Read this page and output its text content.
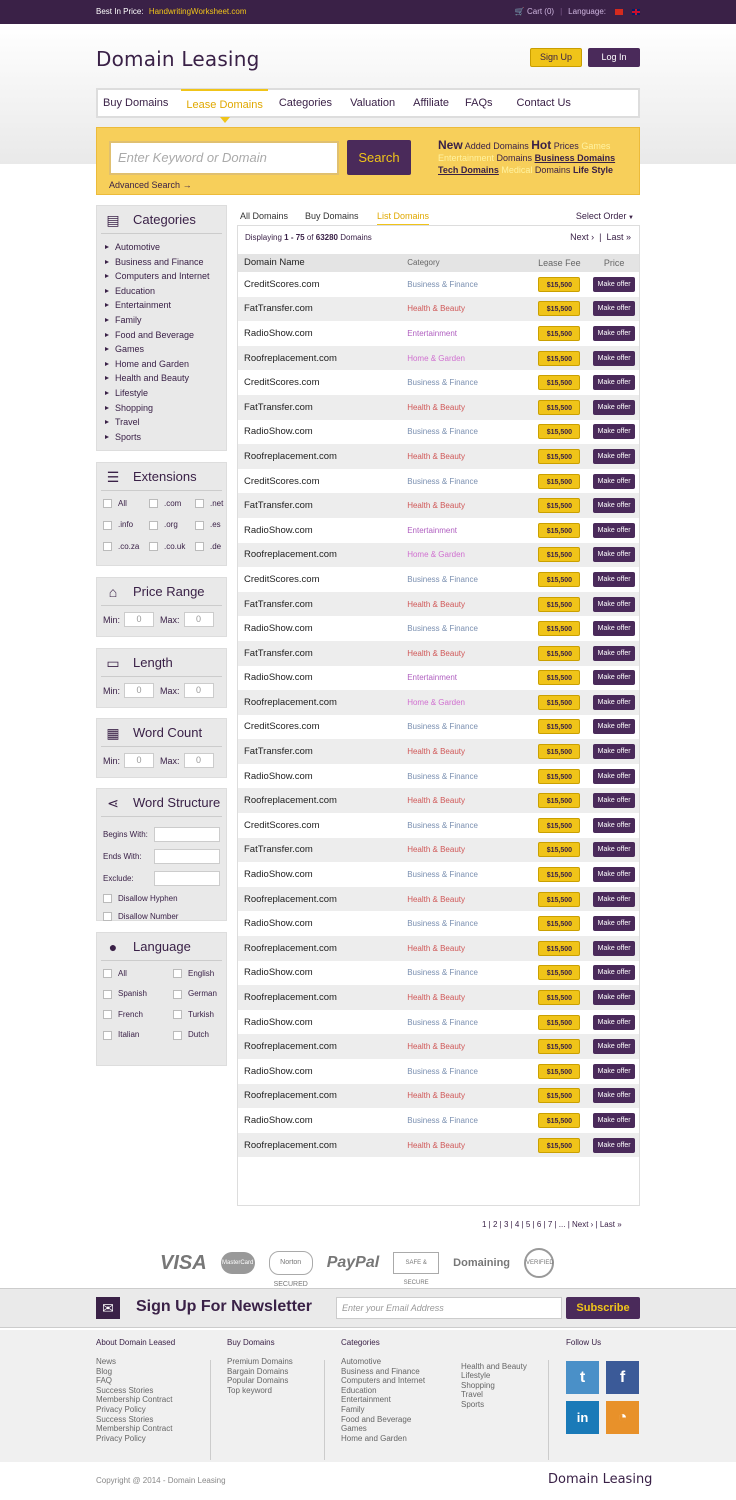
Best In Price: HandwritingWorksheet.com	🛒 Cart (0) | Language:
Domain Leasing	Sign Up	Log In
Buy Domains	Lease Domains	Categories	Valuation	Affiliate	FAQs	Contact Us
Enter Keyword or Domain	Search
Advanced Search →
New Added Domains Hot Prices Games
Entertainment Domains Business Domains
Tech Domains Medical Domains Life Style
▤ Categories
Automotive
Business and Finance
Computers and Internet
Education
Entertainment
Family
Food and Beverage
Games
Home and Garden
Health and Beauty
Lifestyle
Shopping
Travel
Sports
☰ Extensions
All	.com	.net
.info	.org	.es
.co.za	.co.uk	.de
⌂ Price Range
Min:	0	Max:	0
▭ Length
Min:	0	Max:	0
▦ Word Count
Min:	0	Max:	0
⋖ Word Structure
Begins With:
Ends With:
Exclude:
Disallow Hyphen
Disallow Number
● Language
All	English
Spanish	German
French	Turkish
Italian	Dutch
All Domains Buy Domains List Domains	Select Order ▼
Displaying 1 - 75 of 63280 Domains	Next ›  |  Last »
Domain Name	Category	Lease Fee	Price
CreditScores.com	Business & Finance	$15,500	Make offer
FatTransfer.com	Health & Beauty	$15,500	Make offer
RadioShow.com	Entertainment	$15,500	Make offer
Roofreplacement.com	Home & Garden	$15,500	Make offer
CreditScores.com	Business & Finance	$15,500	Make offer
FatTransfer.com	Health & Beauty	$15,500	Make offer
RadioShow.com	Business & Finance	$15,500	Make offer
Roofreplacement.com	Health & Beauty	$15,500	Make offer
CreditScores.com	Business & Finance	$15,500	Make offer
FatTransfer.com	Health & Beauty	$15,500	Make offer
RadioShow.com	Entertainment	$15,500	Make offer
Roofreplacement.com	Home & Garden	$15,500	Make offer
CreditScores.com	Business & Finance	$15,500	Make offer
FatTransfer.com	Health & Beauty	$15,500	Make offer
RadioShow.com	Business & Finance	$15,500	Make offer
FatTransfer.com	Health & Beauty	$15,500	Make offer
RadioShow.com	Entertainment	$15,500	Make offer
Roofreplacement.com	Home & Garden	$15,500	Make offer
CreditScores.com	Business & Finance	$15,500	Make offer
FatTransfer.com	Health & Beauty	$15,500	Make offer
RadioShow.com	Business & Finance	$15,500	Make offer
Roofreplacement.com	Health & Beauty	$15,500	Make offer
CreditScores.com	Business & Finance	$15,500	Make offer
FatTransfer.com	Health & Beauty	$15,500	Make offer
RadioShow.com	Business & Finance	$15,500	Make offer
Roofreplacement.com	Health & Beauty	$15,500	Make offer
RadioShow.com	Business & Finance	$15,500	Make offer
Roofreplacement.com	Health & Beauty	$15,500	Make offer
RadioShow.com	Business & Finance	$15,500	Make offer
Roofreplacement.com	Health & Beauty	$15,500	Make offer
RadioShow.com	Business & Finance	$15,500	Make offer
Roofreplacement.com	Health & Beauty	$15,500	Make offer
RadioShow.com	Business & Finance	$15,500	Make offer
Roofreplacement.com	Health & Beauty	$15,500	Make offer
RadioShow.com	Business & Finance	$15,500	Make offer
Roofreplacement.com	Health & Beauty	$15,500	Make offer
1 | 2 | 3 | 4 | 5 | 6 | 7 | ... | Next › | Last »
VISA	MasterCard	Norton SECURED
PayPal	SAFE & SECURE
Domaining	VERIFIED
✉	Sign Up For Newsletter	Enter your Email Address	Subscribe
About Domain Leased
News
Blog
FAQ
Success Stories
Membership Contract
Privacy Policy
Success Stories
Membership Contract
Privacy Policy
Buy Domains
Premium Domains
Bargain Domains
Popular Domains
Top keyword
Categories
Automotive
Business and Finance
Computers and Internet
Education
Entertainment
Family
Food and Beverage
Games
Home and Garden
Health and Beauty
Lifestyle
Shopping
Travel
Sports
Follow Us
t	f
in	◔
Copyright @ 2014 - Domain Leasing	Domain Leasing
